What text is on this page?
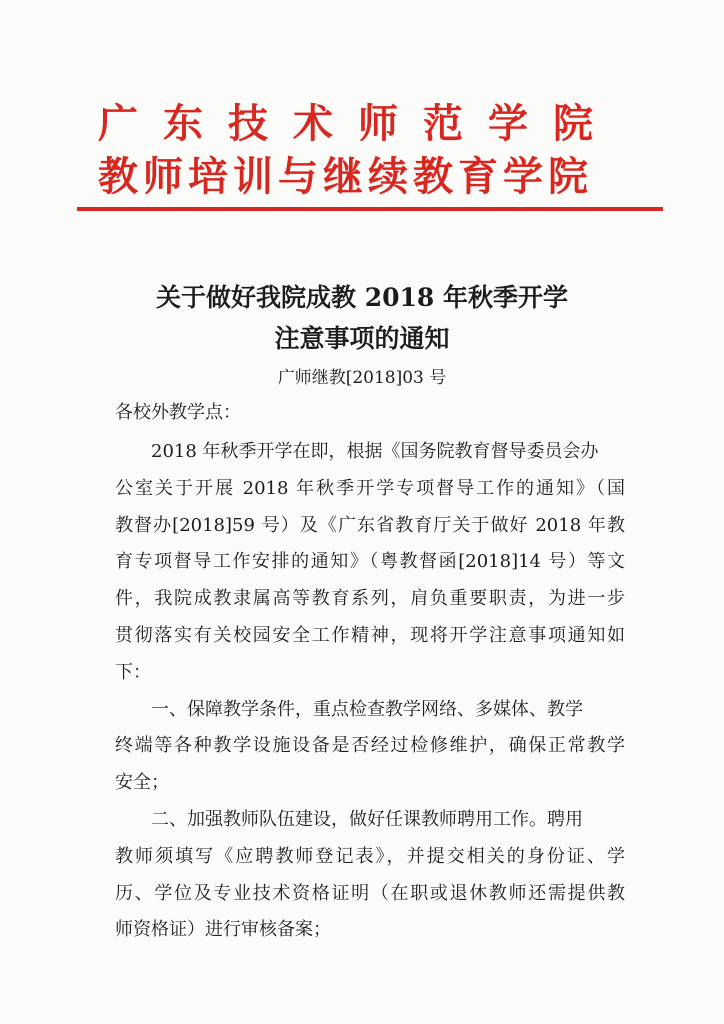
广东技术师范学院
教师培训与继续教育学院
关于做好我院成教 2018 年秋季开学
注意事项的通知
广师继教[2018]03 号
各校外教学点：
2018 年秋季开学在即，根据《国务院教育督导委员会办
公室关于开展 2018 年秋季开学专项督导工作的通知》（国
教督办[2018]59 号）及《广东省教育厅关于做好 2018 年教
育专项督导工作安排的通知》（粤教督函[2018]14 号）等文
件，我院成教隶属高等教育系列，肩负重要职责，为进一步
贯彻落实有关校园安全工作精神，现将开学注意事项通知如
下：
一、保障教学条件，重点检查教学网络、多媒体、教学
终端等各种教学设施设备是否经过检修维护，确保正常教学
安全；
二、加强教师队伍建设，做好任课教师聘用工作。聘用
教师须填写《应聘教师登记表》，并提交相关的身份证、学
历、学位及专业技术资格证明（在职或退休教师还需提供教
师资格证）进行审核备案；
